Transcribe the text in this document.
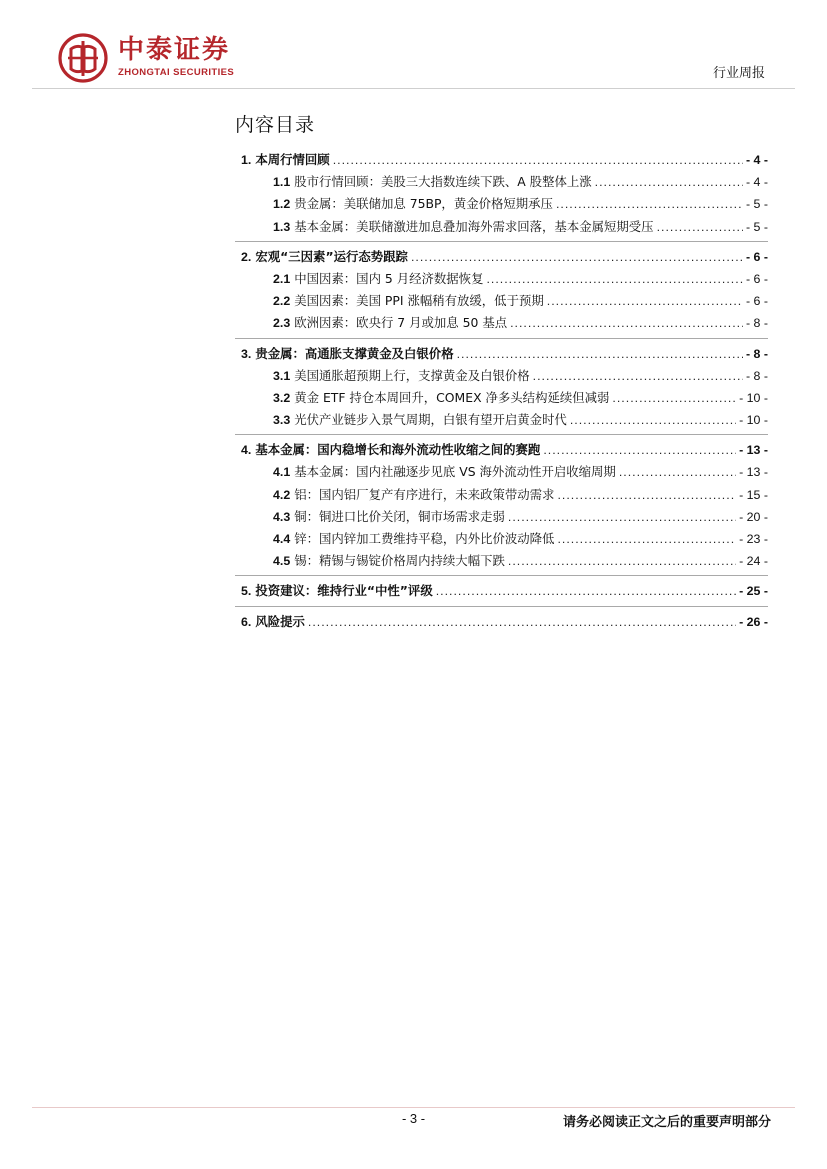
中泰证券
ZHONGTAI SECURITIES	行业周报
内容目录
1. 本周行情回顾 .....	- 4 -
1.1 股市行情回顾：美股三大指数连续下跌、A 股整体上涨 .....	- 4 -
1.2 贵金属：美联储加息 75BP，黄金价格短期承压 .....	- 5 -
1.3 基本金属：美联储激进加息叠加海外需求回落，基本金属短期受压 .....	- 5 -
2. 宏观“三因素”运行态势跟踪 .....	- 6 -
2.1 中国因素：国内 5 月经济数据恢复 .....	- 6 -
2.2 美国因素：美国 PPI 涨幅稍有放缓，低于预期 .....	- 6 -
2.3 欧洲因素：欧央行 7 月或加息 50 基点 .....	- 8 -
3. 贵金属：高通胀支撑黄金及白银价格 .....	- 8 -
3.1 美国通胀超预期上行，支撑黄金及白银价格 .....	- 8 -
3.2 黄金 ETF 持仓本周回升，COMEX 净多头结构延续但减弱 .....	- 10 -
3.3 光伏产业链步入景气周期，白银有望开启黄金时代 .....	- 10 -
4. 基本金属：国内稳增长和海外流动性收缩之间的赛跑 .....	- 13 -
4.1 基本金属：国内社融逐步见底 VS 海外流动性开启收缩周期 .....	- 13 -
4.2 铝：国内铝厂复产有序进行，未来政策带动需求 .....	- 15 -
4.3 铜：铜进口比价关闭，铜市场需求走弱 .....	- 20 -
4.4 锌：国内锌加工费维持平稳，内外比价波动降低 .....	- 23 -
4.5 锡：精锡与锡锭价格周内持续大幅下跌 .....	- 24 -
5. 投资建议：维持行业“中性”评级 .....	- 25 -
6. 风险提示 .....	- 26 -
- 3 -	请务必阅读正文之后的重要声明部分
